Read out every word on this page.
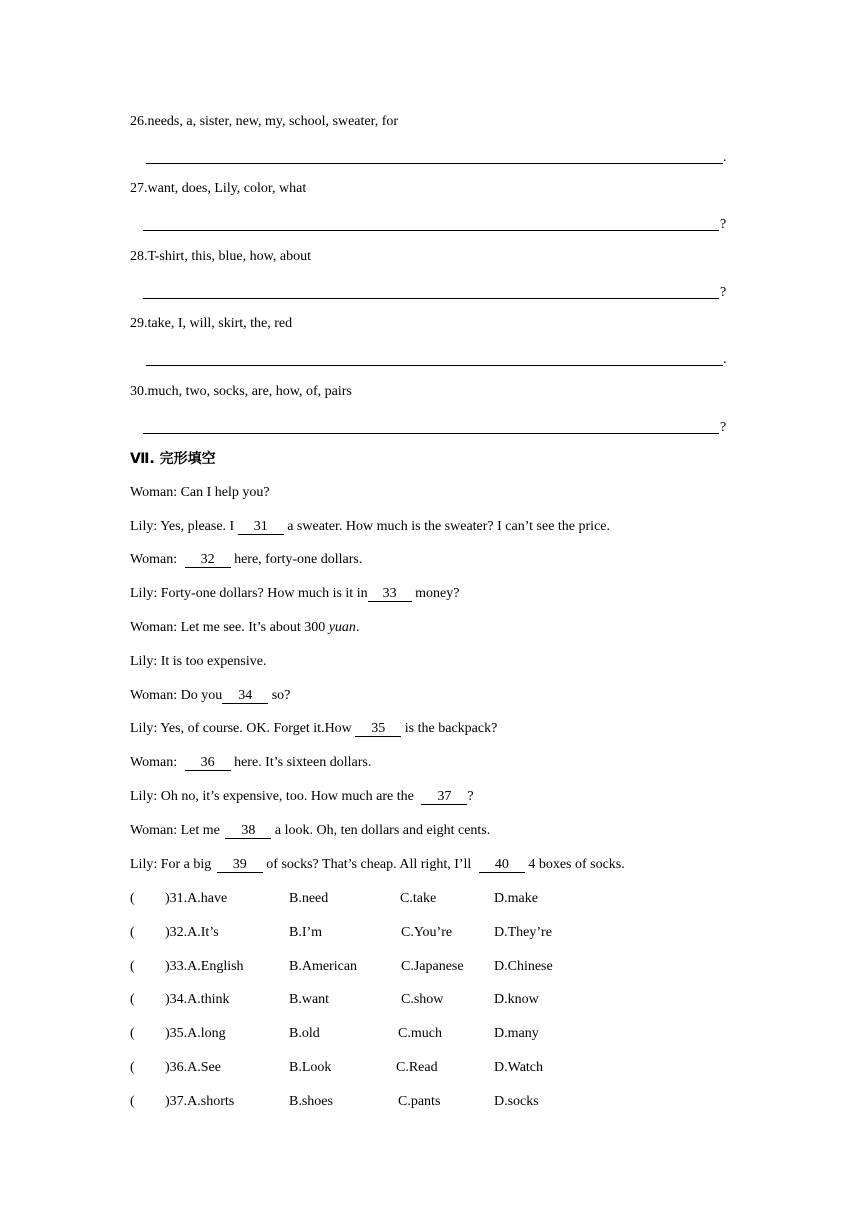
26.needs, a, sister, new, my, school, sweater, for
.
27.want, does, Lily, color, what
?
28.T-shirt, this, blue, how, about
?
29.take, I, will, skirt, the, red
.
30.much, two, socks, are, how, of, pairs
?
Ⅶ. 完形填空
Woman: Can I help you?
Lily: Yes, please. I 31 a sweater. How much is the sweater? I can’t see the price.
Woman: 32 here, forty-one dollars.
Lily: Forty-one dollars? How much is it in 33 money?
Woman: Let me see. It’s about 300 yuan.
Lily: It is too expensive.
Woman: Do you 34 so?
Lily: Yes, of course. OK. Forget it.How 35 is the backpack?
Woman: 36 here. It’s sixteen dollars.
Lily: Oh no, it’s expensive, too. How much are the 37 ?
Woman: Let me 38 a look. Oh, ten dollars and eight cents.
Lily: For a big 39 of socks? That’s cheap. All right, I’ll 40 4 boxes of socks.
( )31.A.have	B.need	C.take	D.make
( )32.A.It’s	B.I’m	C.You’re	D.They’re
( )33.A.English	B.American	C.Japanese D.Chinese
( )34.A.think	B.want	C.show	D.know
( )35.A.long	B.old	C.much	D.many
( )36.A.See	B.Look	C.Read	D.Watch
( )37.A.shorts	B.shoes	C.pants	D.socks
